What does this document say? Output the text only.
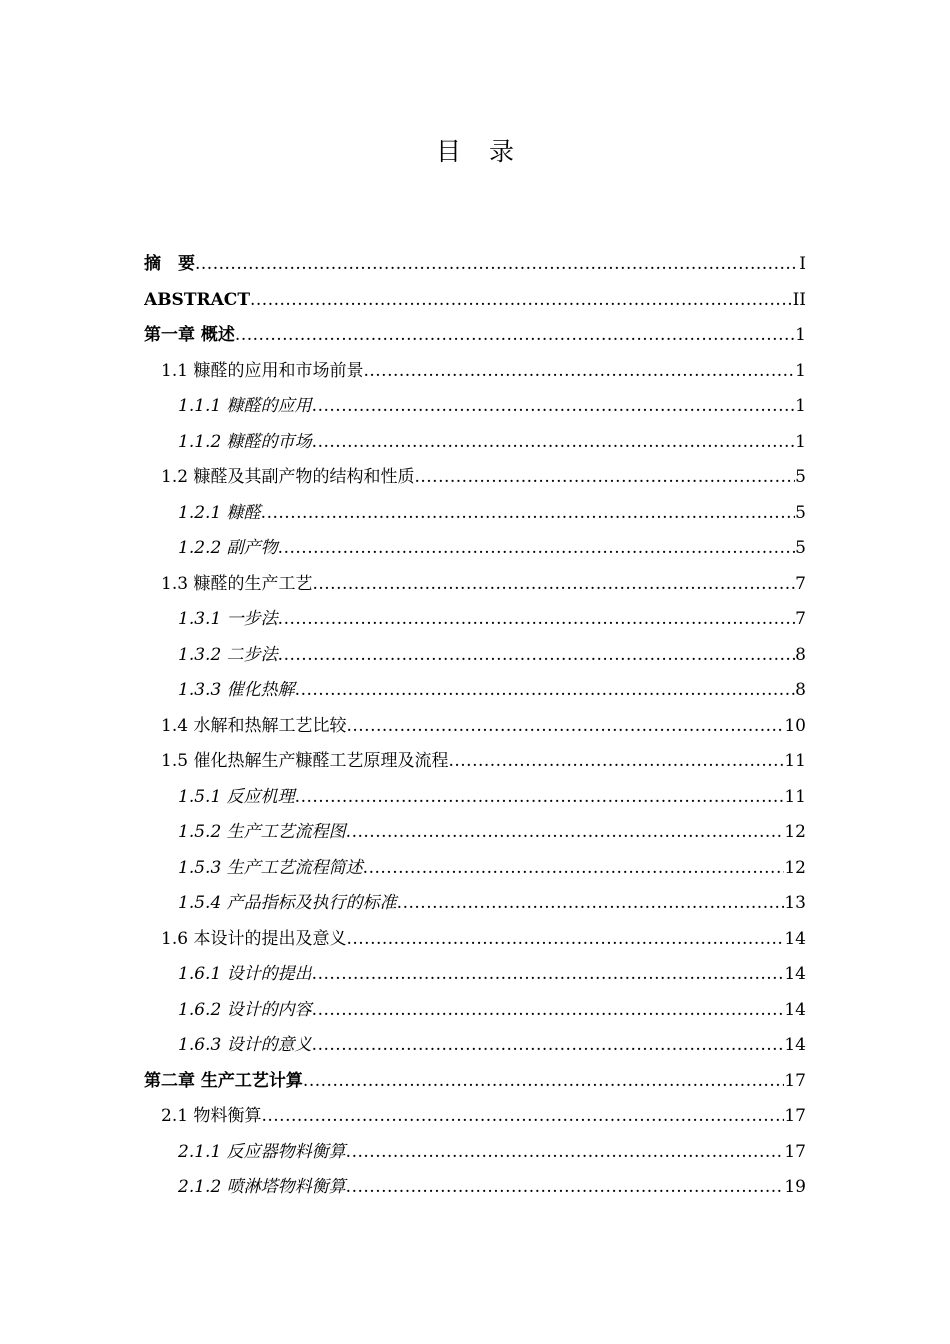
目 录
摘　要 .....	I
ABSTRACT .....	II
第一章 概述 .....	1
1.1 糠醛的应用和市场前景 .....	1
1.1.1 糠醛的应用 .....	1
1.1.2 糠醛的市场 .....	1
1.2 糠醛及其副产物的结构和性质 .....	5
1.2.1 糠醛 .....	5
1.2.2 副产物 .....	5
1.3 糠醛的生产工艺 .....	7
1.3.1 一步法 .....	7
1.3.2 二步法 .....	8
1.3.3 催化热解 .....	8
1.4 水解和热解工艺比较 .....	10
1.5 催化热解生产糠醛工艺原理及流程 .....	11
1.5.1 反应机理 .....	11
1.5.2 生产工艺流程图 .....	12
1.5.3 生产工艺流程简述 .....	12
1.5.4 产品指标及执行的标准 .....	13
1.6 本设计的提出及意义 .....	14
1.6.1 设计的提出 .....	14
1.6.2 设计的内容 .....	14
1.6.3 设计的意义 .....	14
第二章 生产工艺计算 .....	17
2.1 物料衡算 .....	17
2.1.1 反应器物料衡算 .....	17
2.1.2 喷淋塔物料衡算 .....	19
